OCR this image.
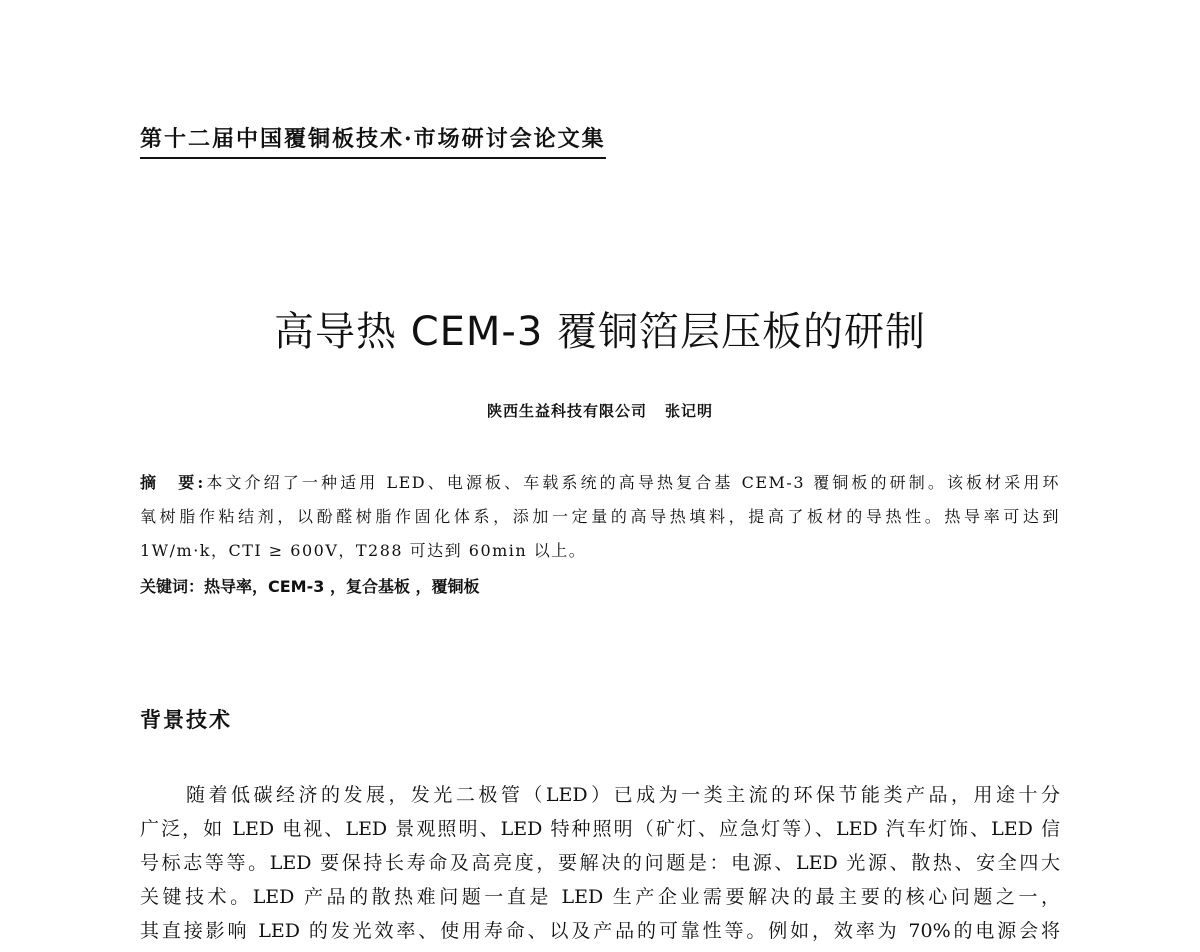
第十二届中国覆铜板技术·市场研讨会论文集
高导热 CEM-3 覆铜箔层压板的研制
陕西生益科技有限公司 张记明
摘　要:本文介绍了一种适用 LED、电源板、车载系统的高导热复合基 CEM-3 覆铜板的研制。该板材采用环
氧树脂作粘结剂，以酚醛树脂作固化体系，添加一定量的高导热填料，提高了板材的导热性。热导率可达到
1W/m·k，CTI ≥ 600V，T288 可达到 60min 以上。
关键词：热导率，CEM-3 ，复合基板 ，覆铜板
背景技术
随着低碳经济的发展，发光二极管（LED）已成为一类主流的环保节能类产品，用途十分
广泛，如 LED 电视、LED 景观照明、LED 特种照明（矿灯、应急灯等）、LED 汽车灯饰、LED 信
号标志等等。LED 要保持长寿命及高亮度，要解决的问题是：电源、LED 光源、散热、安全四大
关键技术。LED 产品的散热难问题一直是 LED 生产企业需要解决的最主要的核心问题之一，
其直接影响 LED 的发光效率、使用寿命、以及产品的可靠性等。例如，效率为 70%的电源会将
